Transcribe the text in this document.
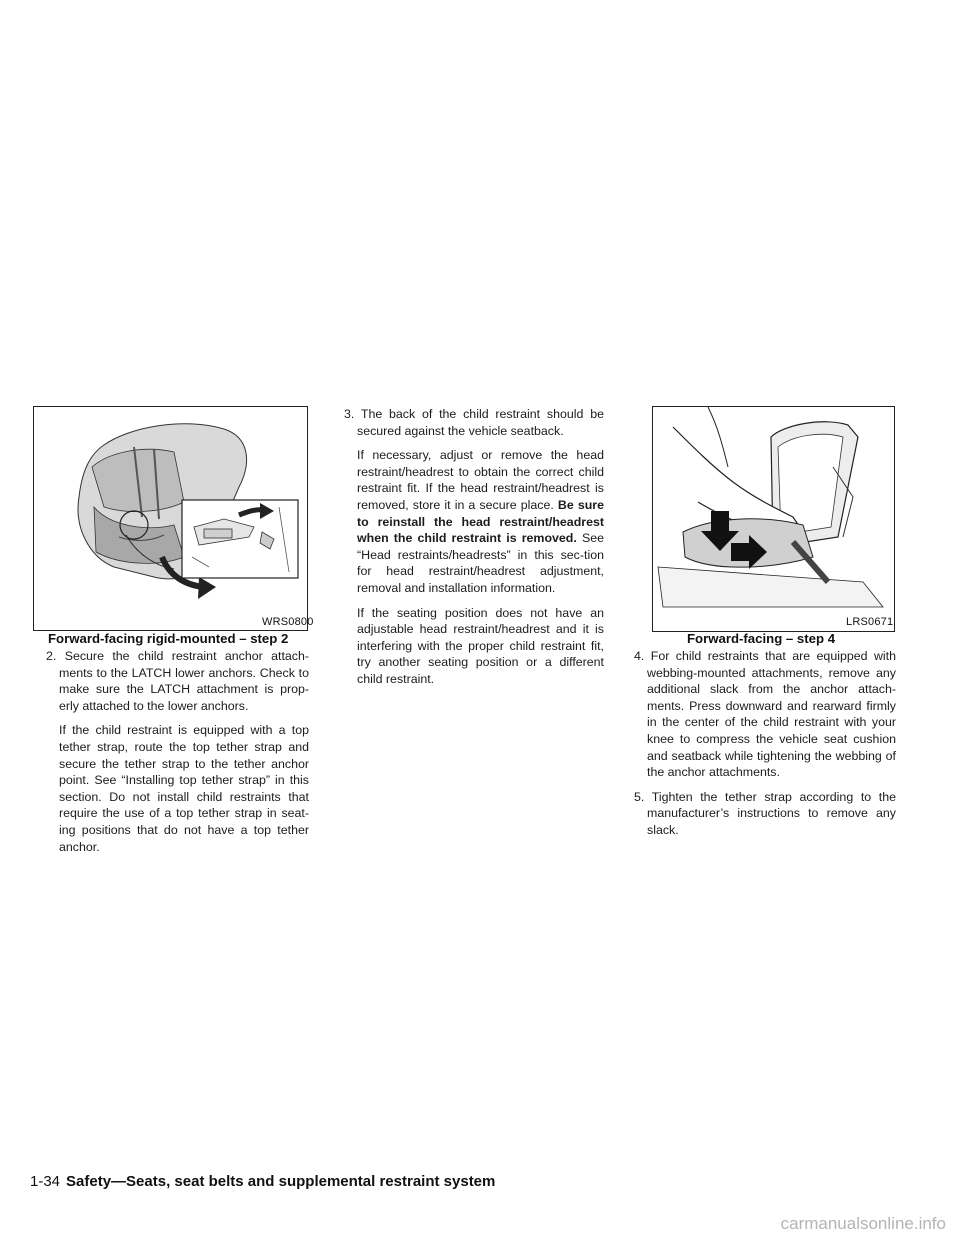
WRS0800
Forward-facing rigid-mounted – step 2
LRS0671
Forward-facing – step 4

2. Secure the child restraint anchor attach-ments to the LATCH lower anchors. Check to make sure the LATCH attachment is prop-erly attached to the lower anchors.

If the child restraint is equipped with a top tether strap, route the top tether strap and secure the tether strap to the tether anchor point. See “Installing top tether strap” in this section. Do not install child restraints that require the use of a top tether strap in seat-ing positions that do not have a top tether anchor.

3. The back of the child restraint should be secured against the vehicle seatback.

If necessary, adjust or remove the head restraint/headrest to obtain the correct child restraint fit. If the head restraint/headrest is removed, store it in a secure place. Be sure to reinstall the head restraint/headrest when the child restraint is removed. See “Head restraints/headrests” in this sec-tion for head restraint/headrest adjustment, removal and installation information.

If the seating position does not have an adjustable head restraint/headrest and it is interfering with the proper child restraint fit, try another seating position or a different child restraint.

4. For child restraints that are equipped with webbing-mounted attachments, remove any additional slack from the anchor attach-ments. Press downward and rearward firmly in the center of the child restraint with your knee to compress the vehicle seat cushion and seatback while tightening the webbing of the anchor attachments.

5. Tighten the tether strap according to the manufacturer’s instructions to remove any slack.

1-34 Safety—Seats, seat belts and supplemental restraint system
carmanualsonline.info
